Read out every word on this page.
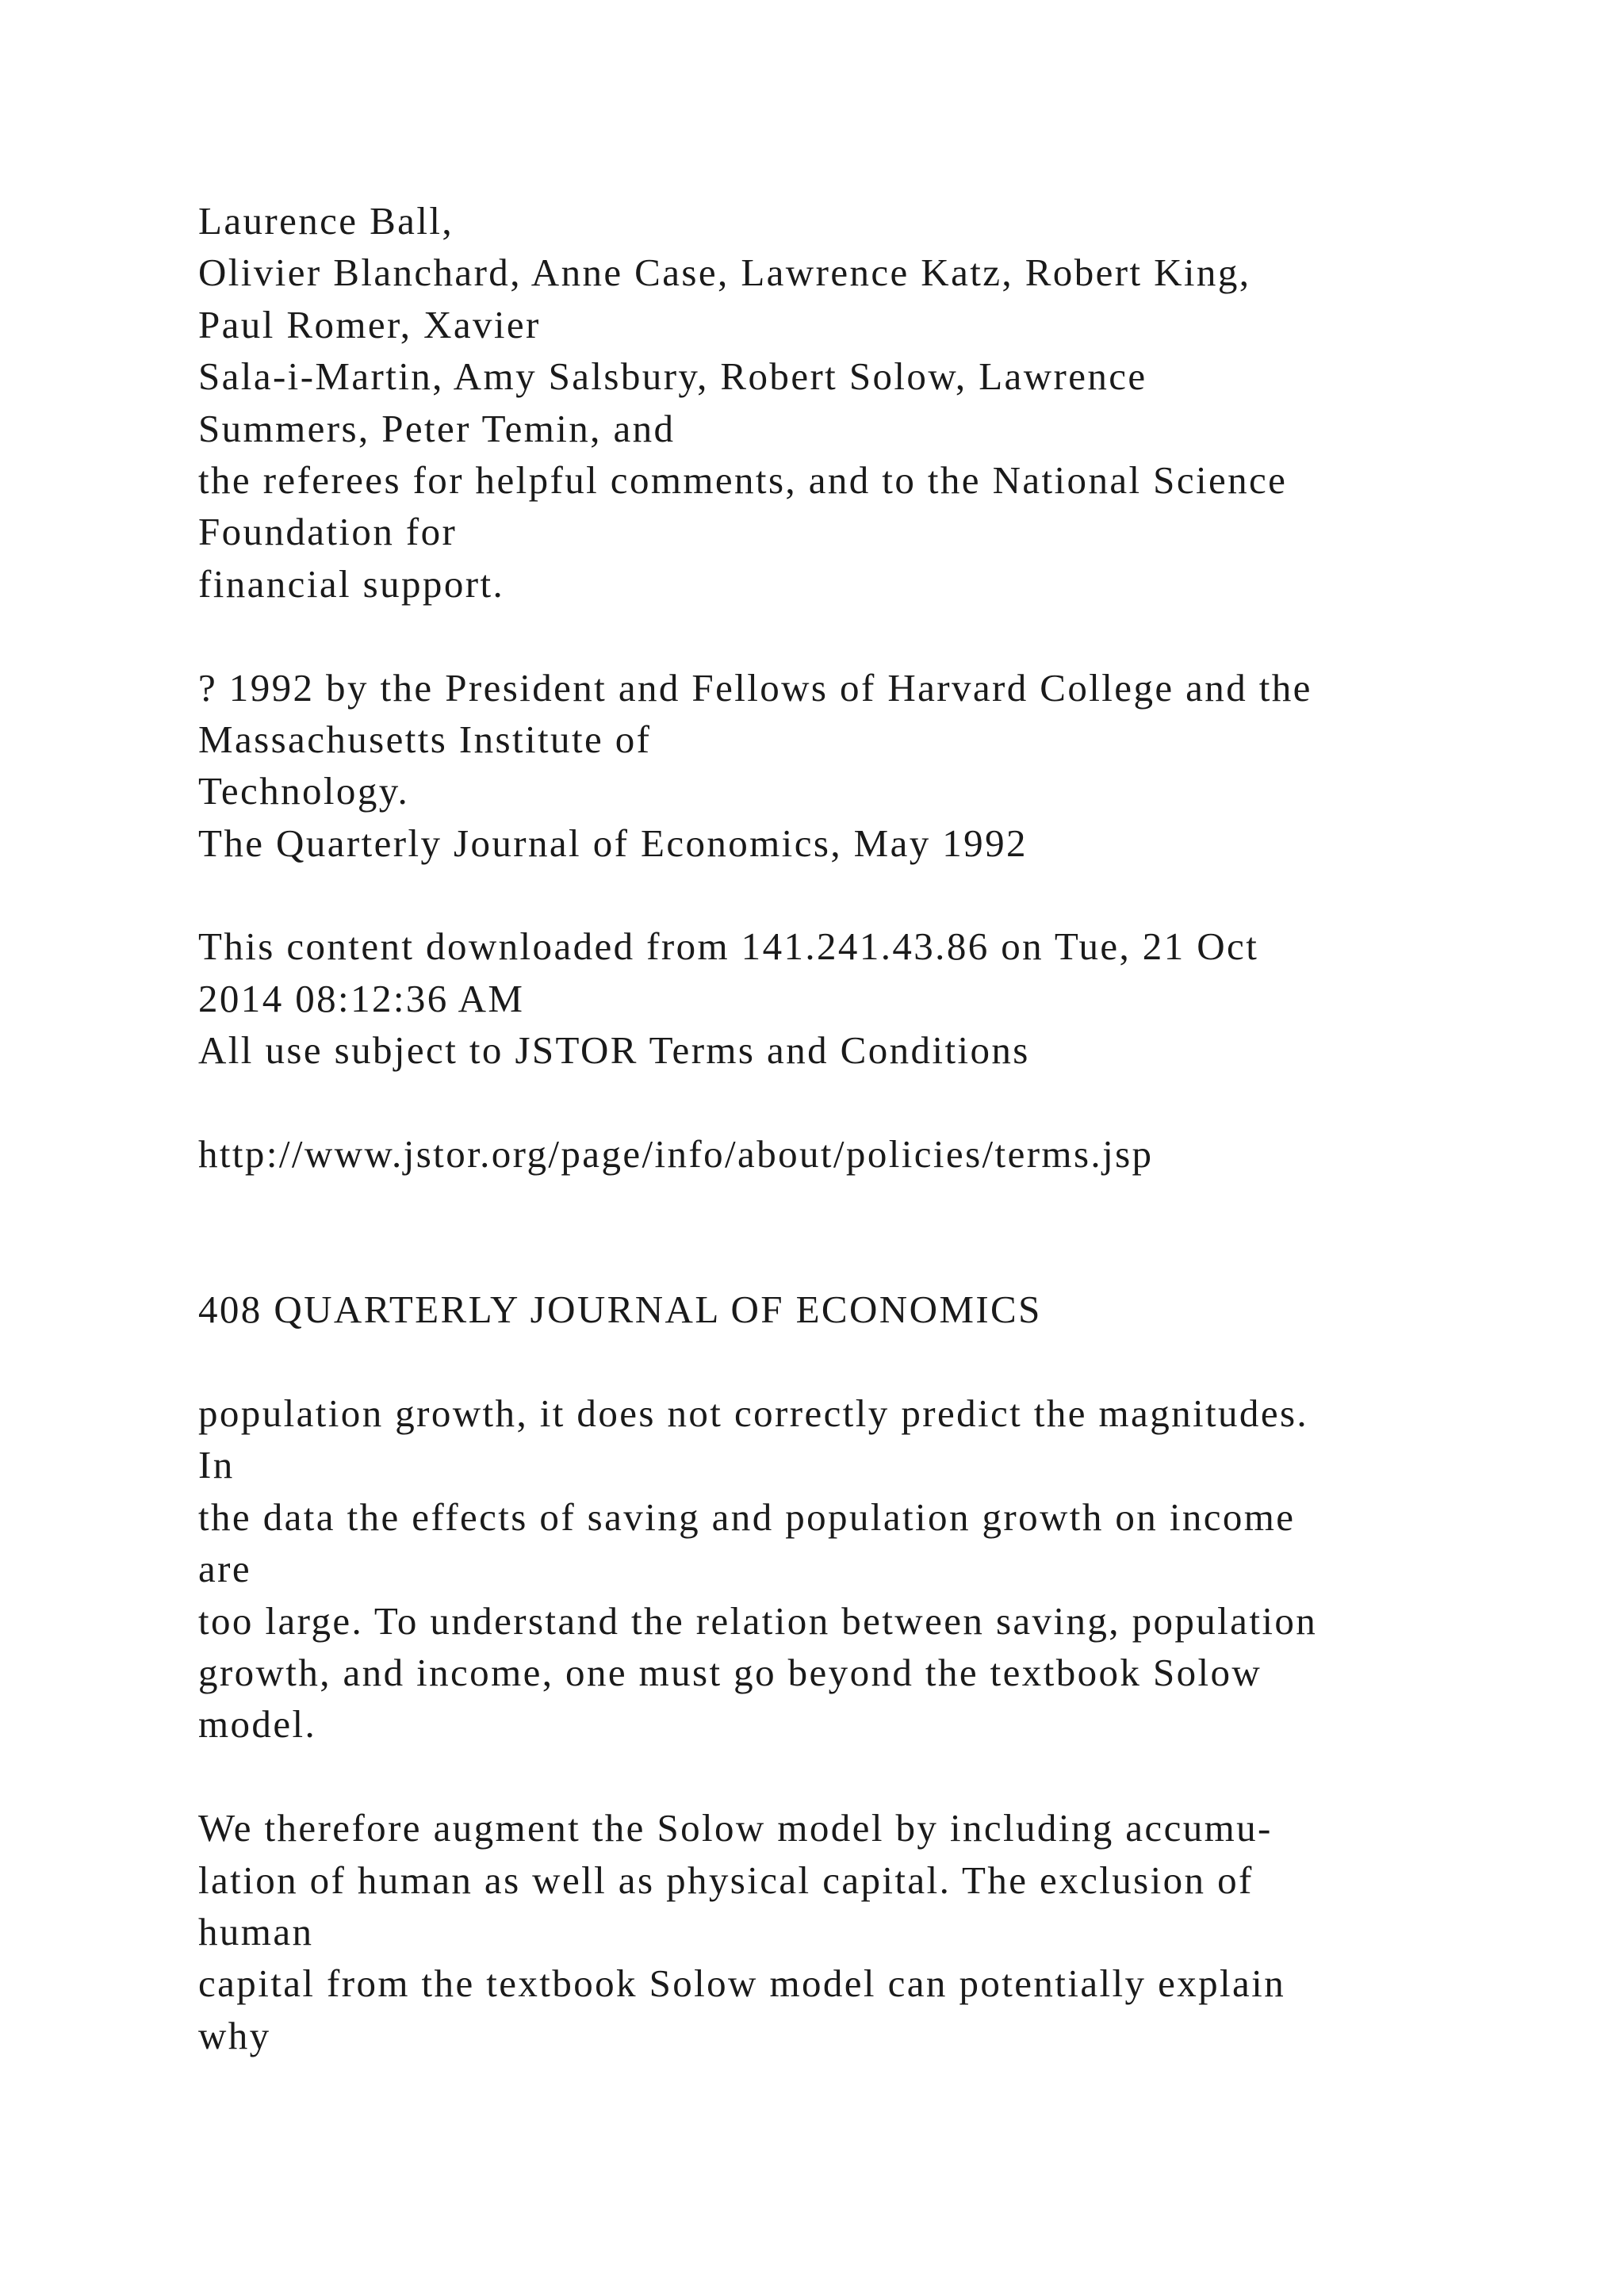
Laurence Ball,
Olivier Blanchard, Anne Case, Lawrence Katz, Robert King,
Paul Romer, Xavier
Sala-i-Martin, Amy Salsbury, Robert Solow, Lawrence
Summers, Peter Temin, and
the referees for helpful comments, and to the National Science
Foundation for
financial support.
? 1992 by the President and Fellows of Harvard College and the
Massachusetts Institute of
Technology.
The Quarterly Journal of Economics, May 1992
This content downloaded from 141.241.43.86 on Tue, 21 Oct
2014 08:12:36 AM
All use subject to JSTOR Terms and Conditions
http://www.jstor.org/page/info/about/policies/terms.jsp
408 QUARTERLY JOURNAL OF ECONOMICS
population growth, it does not correctly predict the magnitudes.
In
the data the effects of saving and population growth on income
are
too large. To understand the relation between saving, population
growth, and income, one must go beyond the textbook Solow
model.
We therefore augment the Solow model by including accumu-
lation of human as well as physical capital. The exclusion of
human
capital from the textbook Solow model can potentially explain
why
